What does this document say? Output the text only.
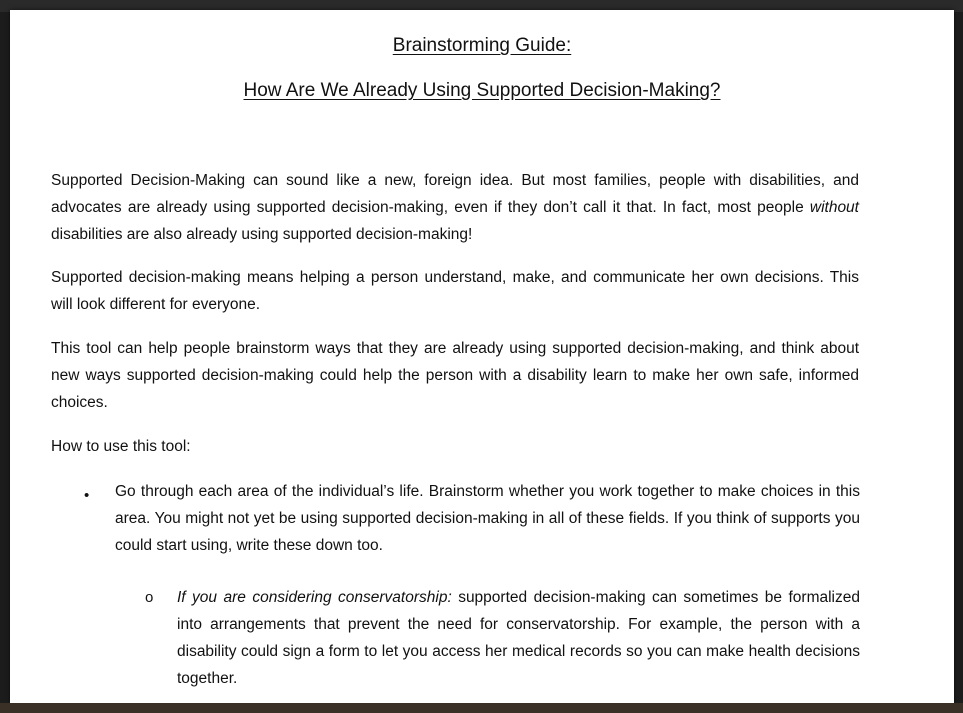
Brainstorming Guide:
How Are We Already Using Supported Decision-Making?

Supported Decision-Making can sound like a new, foreign idea. But most families, people with disabilities, and advocates are already using supported decision-making, even if they don’t call it that. In fact, most people without disabilities are also already using supported decision-making!

Supported decision-making means helping a person understand, make, and communicate her own decisions. This will look different for everyone.

This tool can help people brainstorm ways that they are already using supported decision-making, and think about new ways supported decision-making could help the person with a disability learn to make her own safe, informed choices.

How to use this tool:

• Go through each area of the individual’s life. Brainstorm whether you work together to make choices in this area. You might not yet be using supported decision-making in all of these fields. If you think of supports you could start using, write these down too.

o If you are considering conservatorship: supported decision-making can sometimes be formalized into arrangements that prevent the need for conservatorship. For example, the person with a disability could sign a form to let you access her medical records so you can make health decisions together.
